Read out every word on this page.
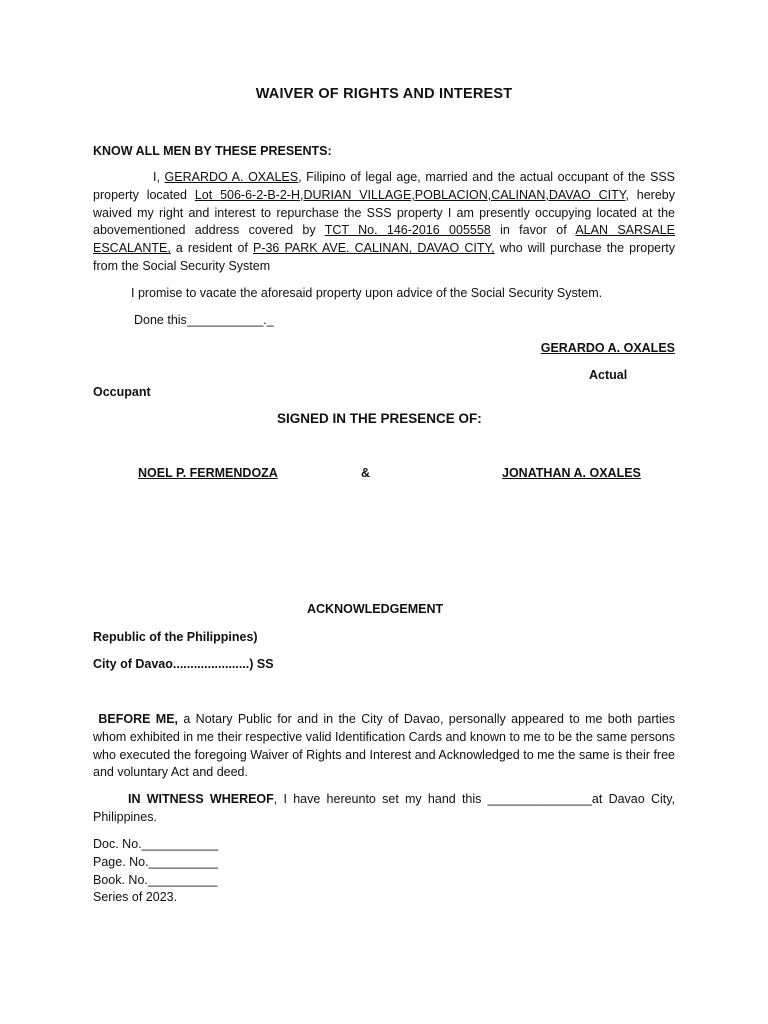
WAIVER OF RIGHTS AND INTEREST
KNOW ALL MEN BY THESE PRESENTS:
I, GERARDO A. OXALES, Filipino of legal age, married and the actual occupant of the SSS property located Lot 506-6-2-B-2-H,DURIAN VILLAGE,POBLACION,CALINAN,DAVAO CITY, hereby waived my right and interest to repurchase the SSS property I am presently occupying located at the abovementioned address covered by TCT No. 146-2016 005558 in favor of ALAN SARSALE ESCALANTE, a resident of P-36 PARK AVE. CALINAN, DAVAO CITY, who will purchase the property from the Social Security System
I promise to vacate the aforesaid property upon advice of the Social Security System.
Done this___________._
GERARDO A. OXALES
Actual
Occupant
SIGNED IN THE PRESENCE OF:
NOEL P. FERMENDOZA	&	JONATHAN A. OXALES
ACKNOWLEDGEMENT
Republic of the Philippines)
City of Davao......................) SS
BEFORE ME, a Notary Public for and in the City of Davao, personally appeared to me both parties whom exhibited in me their respective valid Identification Cards and known to me to be the same persons who executed the foregoing Waiver of Rights and Interest and Acknowledged to me the same is their free and voluntary Act and deed.
IN WITNESS WHEREOF, I have hereunto set my hand this _______________at Davao City, Philippines.
Doc. No.___________
Page. No.__________
Book. No.__________
Series of 2023.
